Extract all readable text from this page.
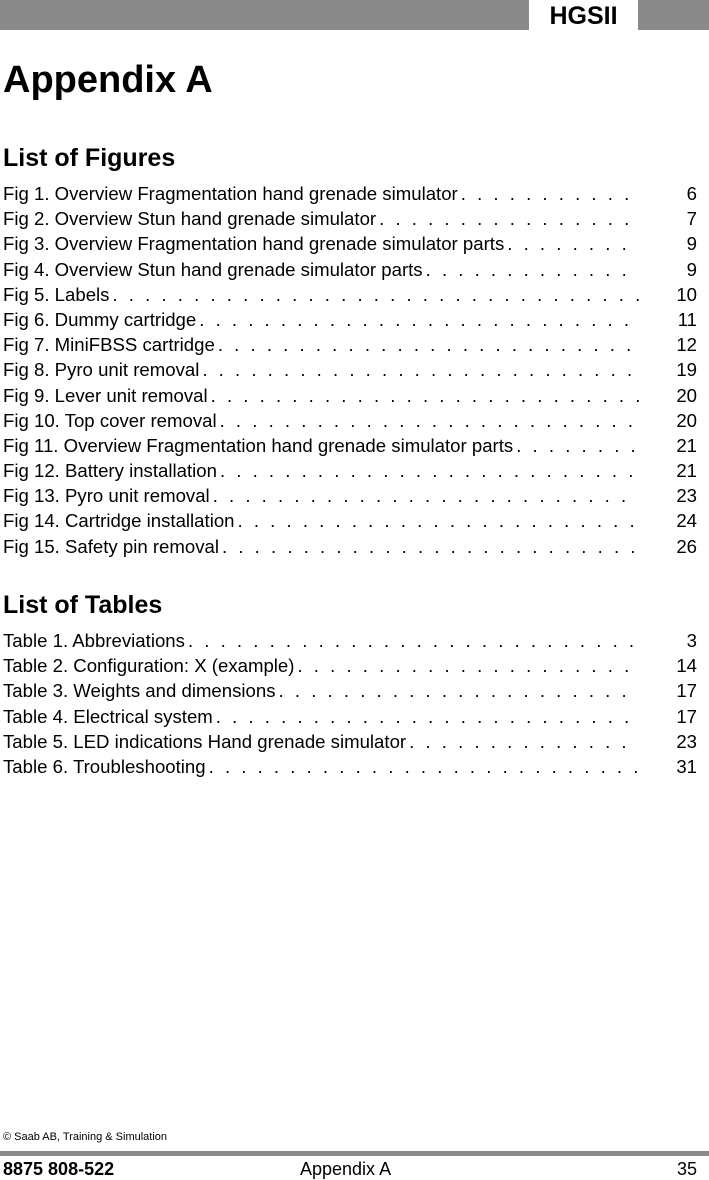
HGSII
Appendix A
List of Figures
Fig 1. Overview Fragmentation hand grenade simulator . . .	6
Fig 2. Overview Stun hand grenade simulator . . .	7
Fig 3. Overview Fragmentation hand grenade simulator parts . . .	9
Fig 4. Overview Stun hand grenade simulator parts . . .	9
Fig 5. Labels . . .	10
Fig 6. Dummy cartridge . . .	11
Fig 7. MiniFBSS cartridge . . .	12
Fig 8. Pyro unit removal . . .	19
Fig 9. Lever unit removal . . .	20
Fig 10. Top cover removal . . .	20
Fig 11. Overview Fragmentation hand grenade simulator parts . . .	21
Fig 12. Battery installation . . .	21
Fig 13. Pyro unit removal . . .	23
Fig 14. Cartridge installation . . .	24
Fig 15. Safety pin removal . . .	26
List of Tables
Table 1. Abbreviations . . .	3
Table 2. Configuration: X (example) . . .	14
Table 3. Weights and dimensions . . .	17
Table 4. Electrical system . . .	17
Table 5. LED indications Hand grenade simulator . . .	23
Table 6. Troubleshooting . . .	31
© Saab AB, Training & Simulation
8875 808-522	Appendix A	35
